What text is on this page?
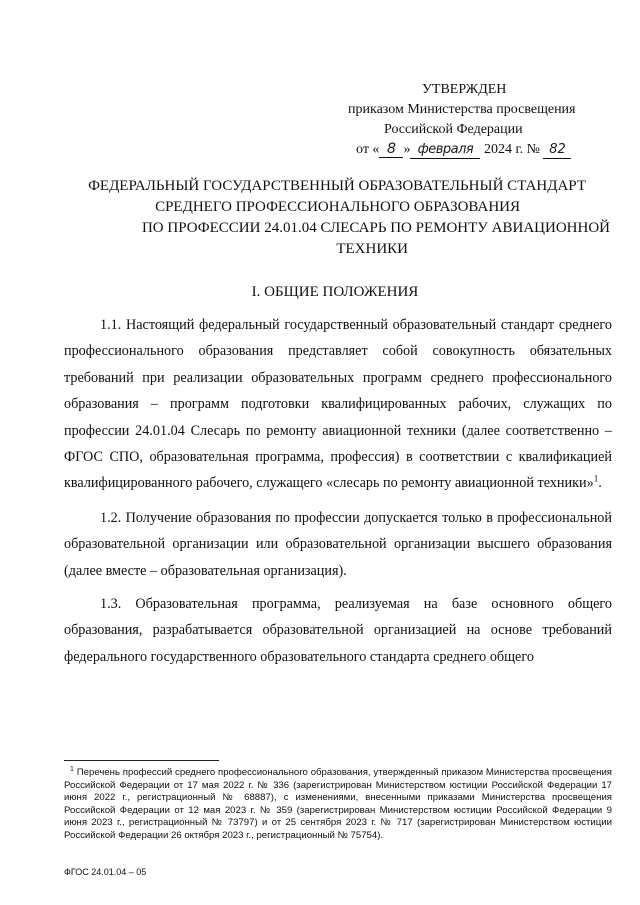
УТВЕРЖДЕН
приказом Министерства просвещения
Российской Федерации
от « 8 » февраля 2024 г. № 82
ФЕДЕРАЛЬНЫЙ ГОСУДАРСТВЕННЫЙ ОБРАЗОВАТЕЛЬНЫЙ СТАНДАРТ
СРЕДНЕГО ПРОФЕССИОНАЛЬНОГО ОБРАЗОВАНИЯ
ПО ПРОФЕССИИ 24.01.04 СЛЕСАРЬ ПО РЕМОНТУ АВИАЦИОННОЙ
ТЕХНИКИ
I. ОБЩИЕ ПОЛОЖЕНИЯ

1.1. Настоящий федеральный государственный образовательный стандарт среднего профессионального образования представляет собой совокупность обязательных требований при реализации образовательных программ среднего профессионального образования – программ подготовки квалифицированных рабочих, служащих по профессии 24.01.04 Слесарь по ремонту авиационной техники (далее соответственно – ФГОС СПО, образовательная программа, профессия) в соответствии с квалификацией квалифицированного рабочего, служащего «слесарь по ремонту авиационной техники»$^1$.

1.2. Получение образования по профессии допускается только в профессиональной образовательной организации или образовательной организации высшего образования (далее вместе – образовательная организация).

1.3. Образовательная программа, реализуемая на базе основного общего образования, разрабатывается образовательной организацией на основе требований федерального государственного образовательного стандарта среднего общего

$^1$ Перечень профессий среднего профессионального образования, утвержденный приказом Министерства просвещения Российской Федерации от 17 мая 2022 г. № 336 (зарегистрирован Министерством юстиции Российской Федерации 17 июня 2022 г., регистрационный № 68887), с изменениями, внесенными приказами Министерства просвещения Российской Федерации от 12 мая 2023 г. № 359 (зарегистрирован Министерством юстиции Российской Федерации 9 июня 2023 г., регистрационный № 73797) и от 25 сентября 2023 г. № 717 (зарегистрирован Министерством юстиции Российской Федерации 26 октября 2023 г., регистрационный № 75754).
ФГОС 24.01.04 – 05
